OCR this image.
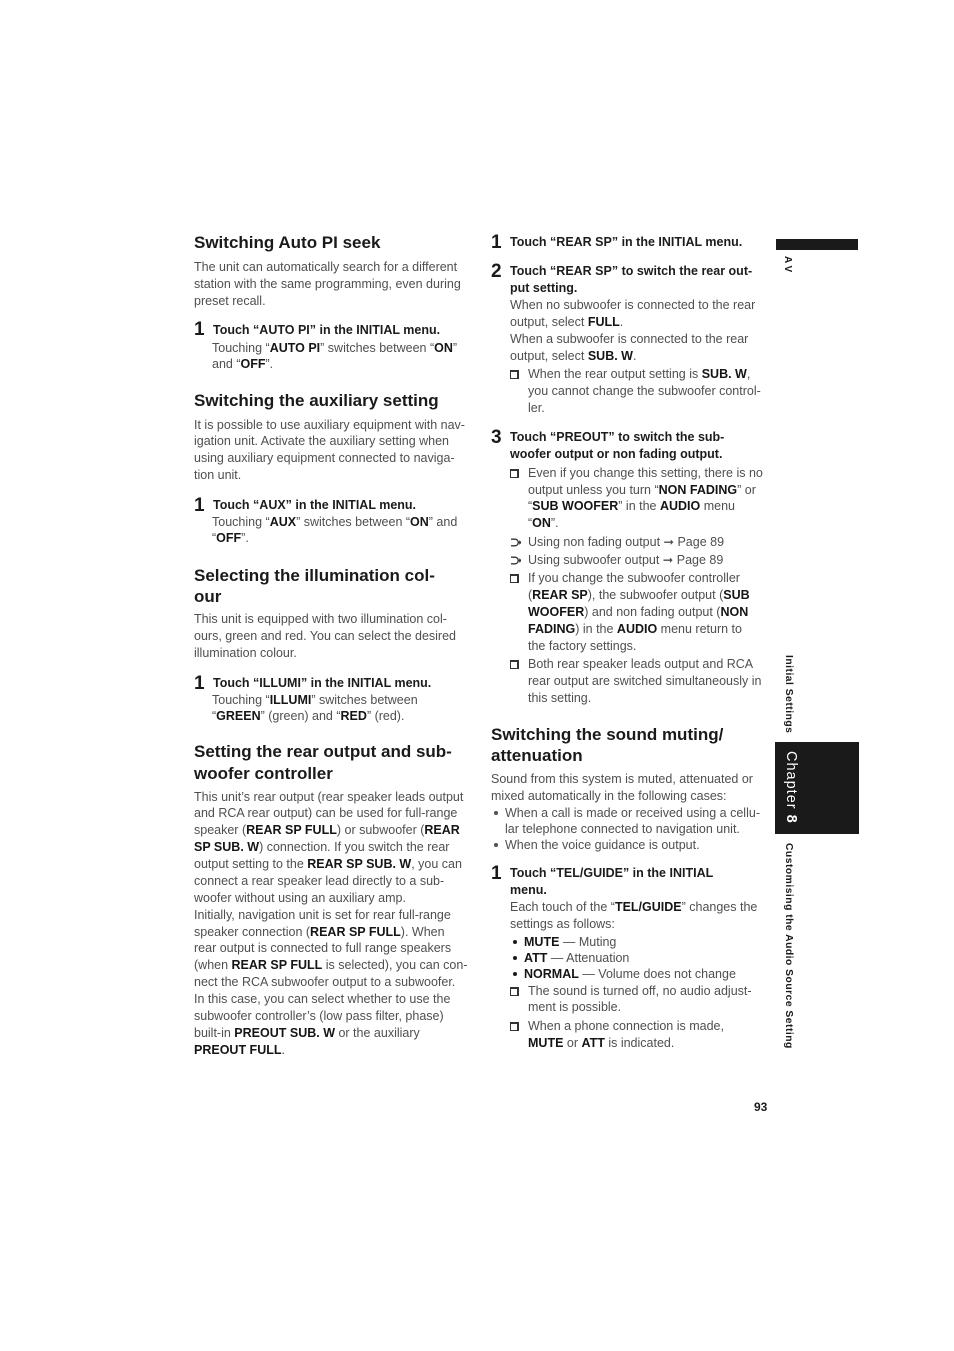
Switching Auto PI seek
The unit can automatically search for a different
station with the same programming, even during
preset recall.
1 Touch “AUTO PI” in the INITIAL menu.
Touching “AUTO PI” switches between “ON”
and “OFF”.
Switching the auxiliary setting
It is possible to use auxiliary equipment with nav-
igation unit. Activate the auxiliary setting when
using auxiliary equipment connected to naviga-
tion unit.
1 Touch “AUX” in the INITIAL menu.
Touching “AUX” switches between “ON” and
“OFF”.
Selecting the illumination col-
our
This unit is equipped with two illumination col-
ours, green and red. You can select the desired
illumination colour.
1 Touch “ILLUMI” in the INITIAL menu.
Touching “ILLUMI” switches between
“GREEN” (green) and “RED” (red).
Setting the rear output and sub-
woofer controller
This unit’s rear output (rear speaker leads output
and RCA rear output) can be used for full-range
speaker (REAR SP FULL) or subwoofer (REAR
SP SUB. W) connection. If you switch the rear
output setting to the REAR SP SUB. W, you can
connect a rear speaker lead directly to a sub-
woofer without using an auxiliary amp.
Initially, navigation unit is set for rear full-range
speaker connection (REAR SP FULL). When
rear output is connected to full range speakers
(when REAR SP FULL is selected), you can con-
nect the RCA subwoofer output to a subwoofer.
In this case, you can select whether to use the
subwoofer controller’s (low pass filter, phase)
built-in PREOUT SUB. W or the auxiliary
PREOUT FULL.
1 Touch “REAR SP” in the INITIAL menu.
2 Touch “REAR SP” to switch the rear out-
put setting.
When no subwoofer is connected to the rear
output, select FULL.
When a subwoofer is connected to the rear
output, select SUB. W.
When the rear output setting is SUB. W,
you cannot change the subwoofer control-
ler.
3 Touch “PREOUT” to switch the sub-
woofer output or non fading output.
Even if you change this setting, there is no
output unless you turn “NON FADING” or
“SUB WOOFER” in the AUDIO menu
“ON”.
Using non fading output ➞ Page 89
Using subwoofer output ➞ Page 89
If you change the subwoofer controller
(REAR SP), the subwoofer output (SUB
WOOFER) and non fading output (NON
FADING) in the AUDIO menu return to
the factory settings.
Both rear speaker leads output and RCA
rear output are switched simultaneously in
this setting.
Switching the sound muting/
attenuation
Sound from this system is muted, attenuated or
mixed automatically in the following cases:
When a call is made or received using a cellu-
lar telephone connected to navigation unit.
When the voice guidance is output.
1 Touch “TEL/GUIDE” in the INITIAL
menu.
Each touch of the “TEL/GUIDE” changes the
settings as follows:
MUTE — Muting
ATT — Attenuation
NORMAL — Volume does not change
The sound is turned off, no audio adjust-
ment is possible.
When a phone connection is made,
MUTE or ATT is indicated.
AV
Initial Settings
Chapter 8
Customising the Audio Source Setting
93
